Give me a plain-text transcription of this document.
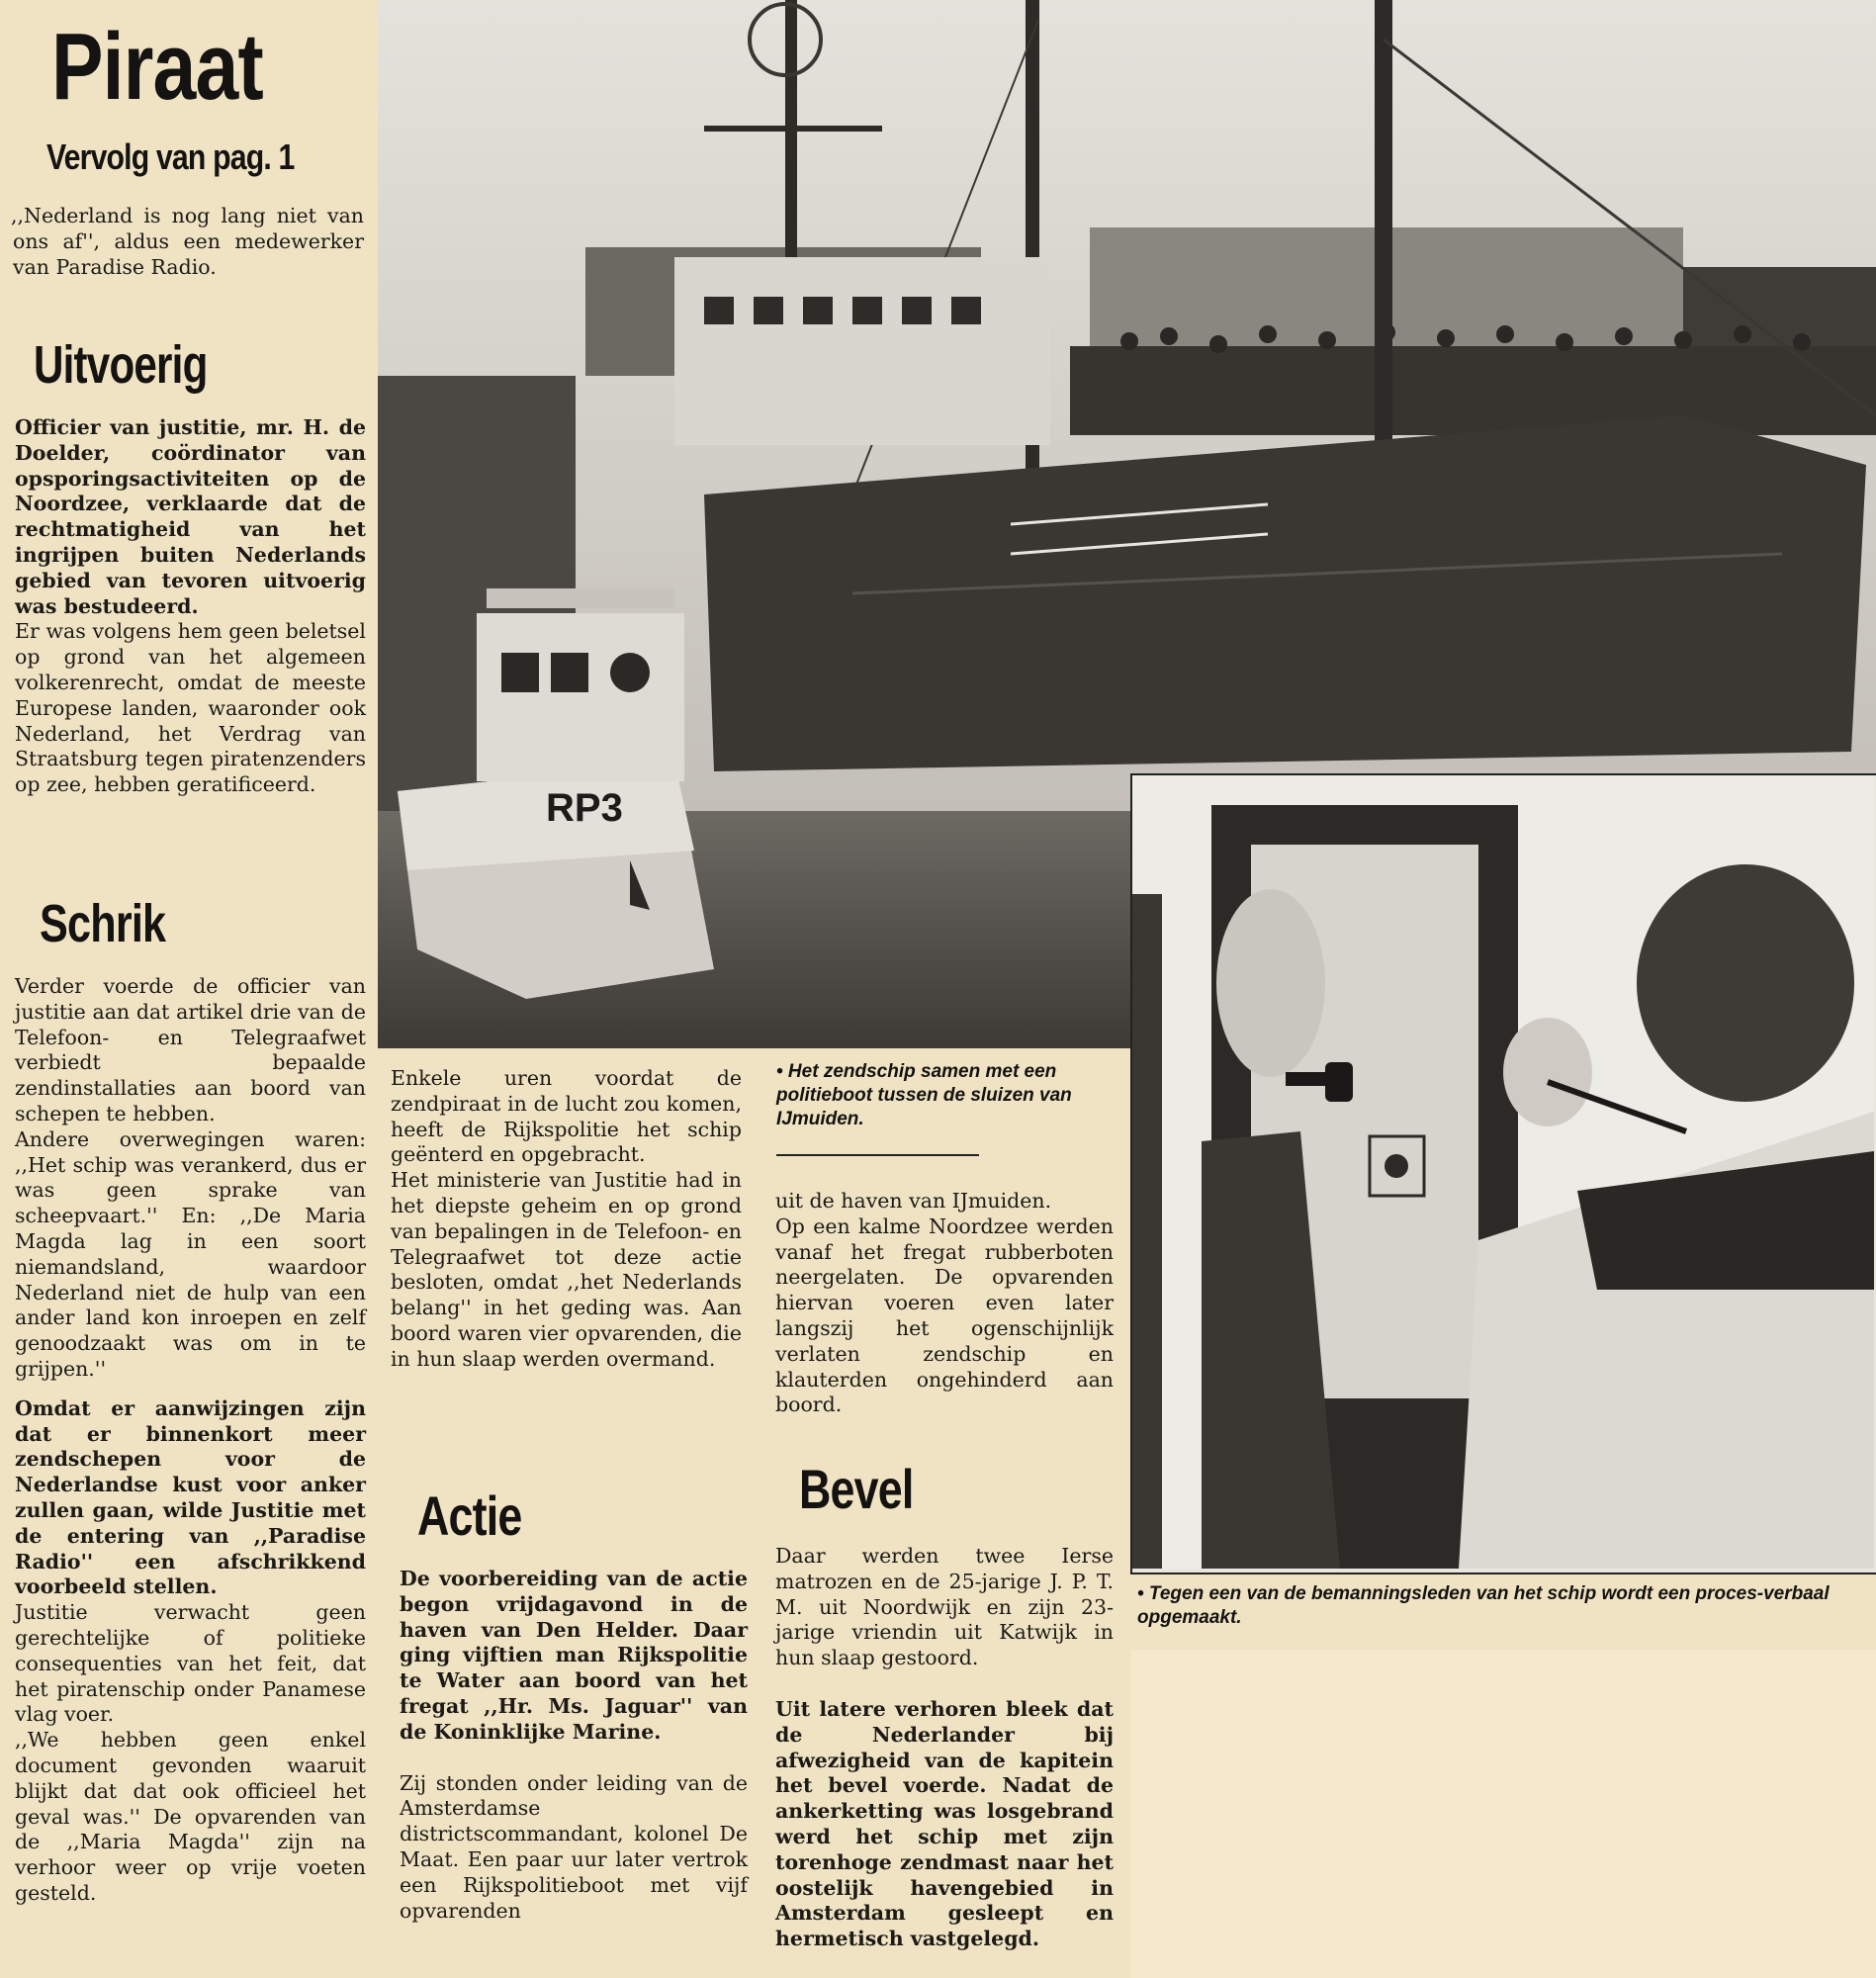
Piraat
Vervolg van pag. 1

,,Nederland is nog lang niet van ons af'', aldus een medewerker van Paradise Radio.

Uitvoerig

Officier van justitie, mr. H. de Doelder, coördinator van opsporingsactiviteiten op de Noordzee, verklaarde dat de rechtmatigheid van het ingrijpen buiten Nederlands gebied van tevoren uitvoerig was bestudeerd.

Er was volgens hem geen beletsel op grond van het algemeen volkerenrecht, omdat de meeste Europese landen, waaronder ook Nederland, het Verdrag van Straatsburg tegen piratenzenders op zee, hebben geratificeerd.

Schrik

Verder voerde de officier van justitie aan dat artikel drie van de Telefoon- en Telegraafwet verbiedt bepaalde zendinstallaties aan boord van schepen te hebben.

Andere overwegingen waren: ,,Het schip was verankerd, dus er was geen sprake van scheepvaart.'' En: ,,De Maria Magda lag in een soort niemandsland, waardoor Nederland niet de hulp van een ander land kon inroepen en zelf genoodzaakt was om in te grijpen.''

Omdat er aanwijzingen zijn dat er binnenkort meer zendschepen voor de Nederlandse kust voor anker zullen gaan, wilde Justitie met de entering van ,,Paradise Radio'' een afschrikkend voorbeeld stellen.

Justitie verwacht geen gerechtelijke of politieke consequenties van het feit, dat het piratenschip onder Panamese vlag voer.

,,We hebben geen enkel document gevonden waaruit blijkt dat dat ook officieel het geval was.'' De opvarenden van de ,,Maria Magda'' zijn na verhoor weer op vrije voeten gesteld.

RP3

• Het zendschip samen met een politieboot tussen de sluizen van IJmuiden.

• Tegen een van de bemanningsleden van het schip wordt een proces-verbaal opgemaakt.

Enkele uren voordat de zendpiraat in de lucht zou komen, heeft de Rijkspolitie het schip geënterd en opgebracht.

Het ministerie van Justitie had in het diepste geheim en op grond van bepalingen in de Telefoon- en Telegraafwet tot deze actie besloten, omdat ,,het Nederlands belang'' in het geding was. Aan boord waren vier opvarenden, die in hun slaap werden overmand.

Actie

De voorbereiding van de actie begon vrijdagavond in de haven van Den Helder. Daar ging vijftien man Rijkspolitie te Water aan boord van het fregat ,,Hr. Ms. Jaguar'' van de Koninklijke Marine.

Zij stonden onder leiding van de Amsterdamse districtscommandant, kolonel De Maat. Een paar uur later vertrok een Rijkspolitieboot met vijf opvarenden

uit de haven van IJmuiden.

Op een kalme Noordzee werden vanaf het fregat rubberboten neergelaten. De opvarenden hiervan voeren even later langszij het ogenschijnlijk verlaten zendschip en klauterden ongehinderd aan boord.

Bevel

Daar werden twee Ierse matrozen en de 25-jarige J. P. T. M. uit Noordwijk en zijn 23-jarige vriendin uit Katwijk in hun slaap gestoord.

Uit latere verhoren bleek dat de Nederlander bij afwezigheid van de kapitein het bevel voerde. Nadat de ankerketting was losgebrand werd het schip met zijn torenhoge zendmast naar het oostelijk havengebied in Amsterdam gesleept en hermetisch vastgelegd.
